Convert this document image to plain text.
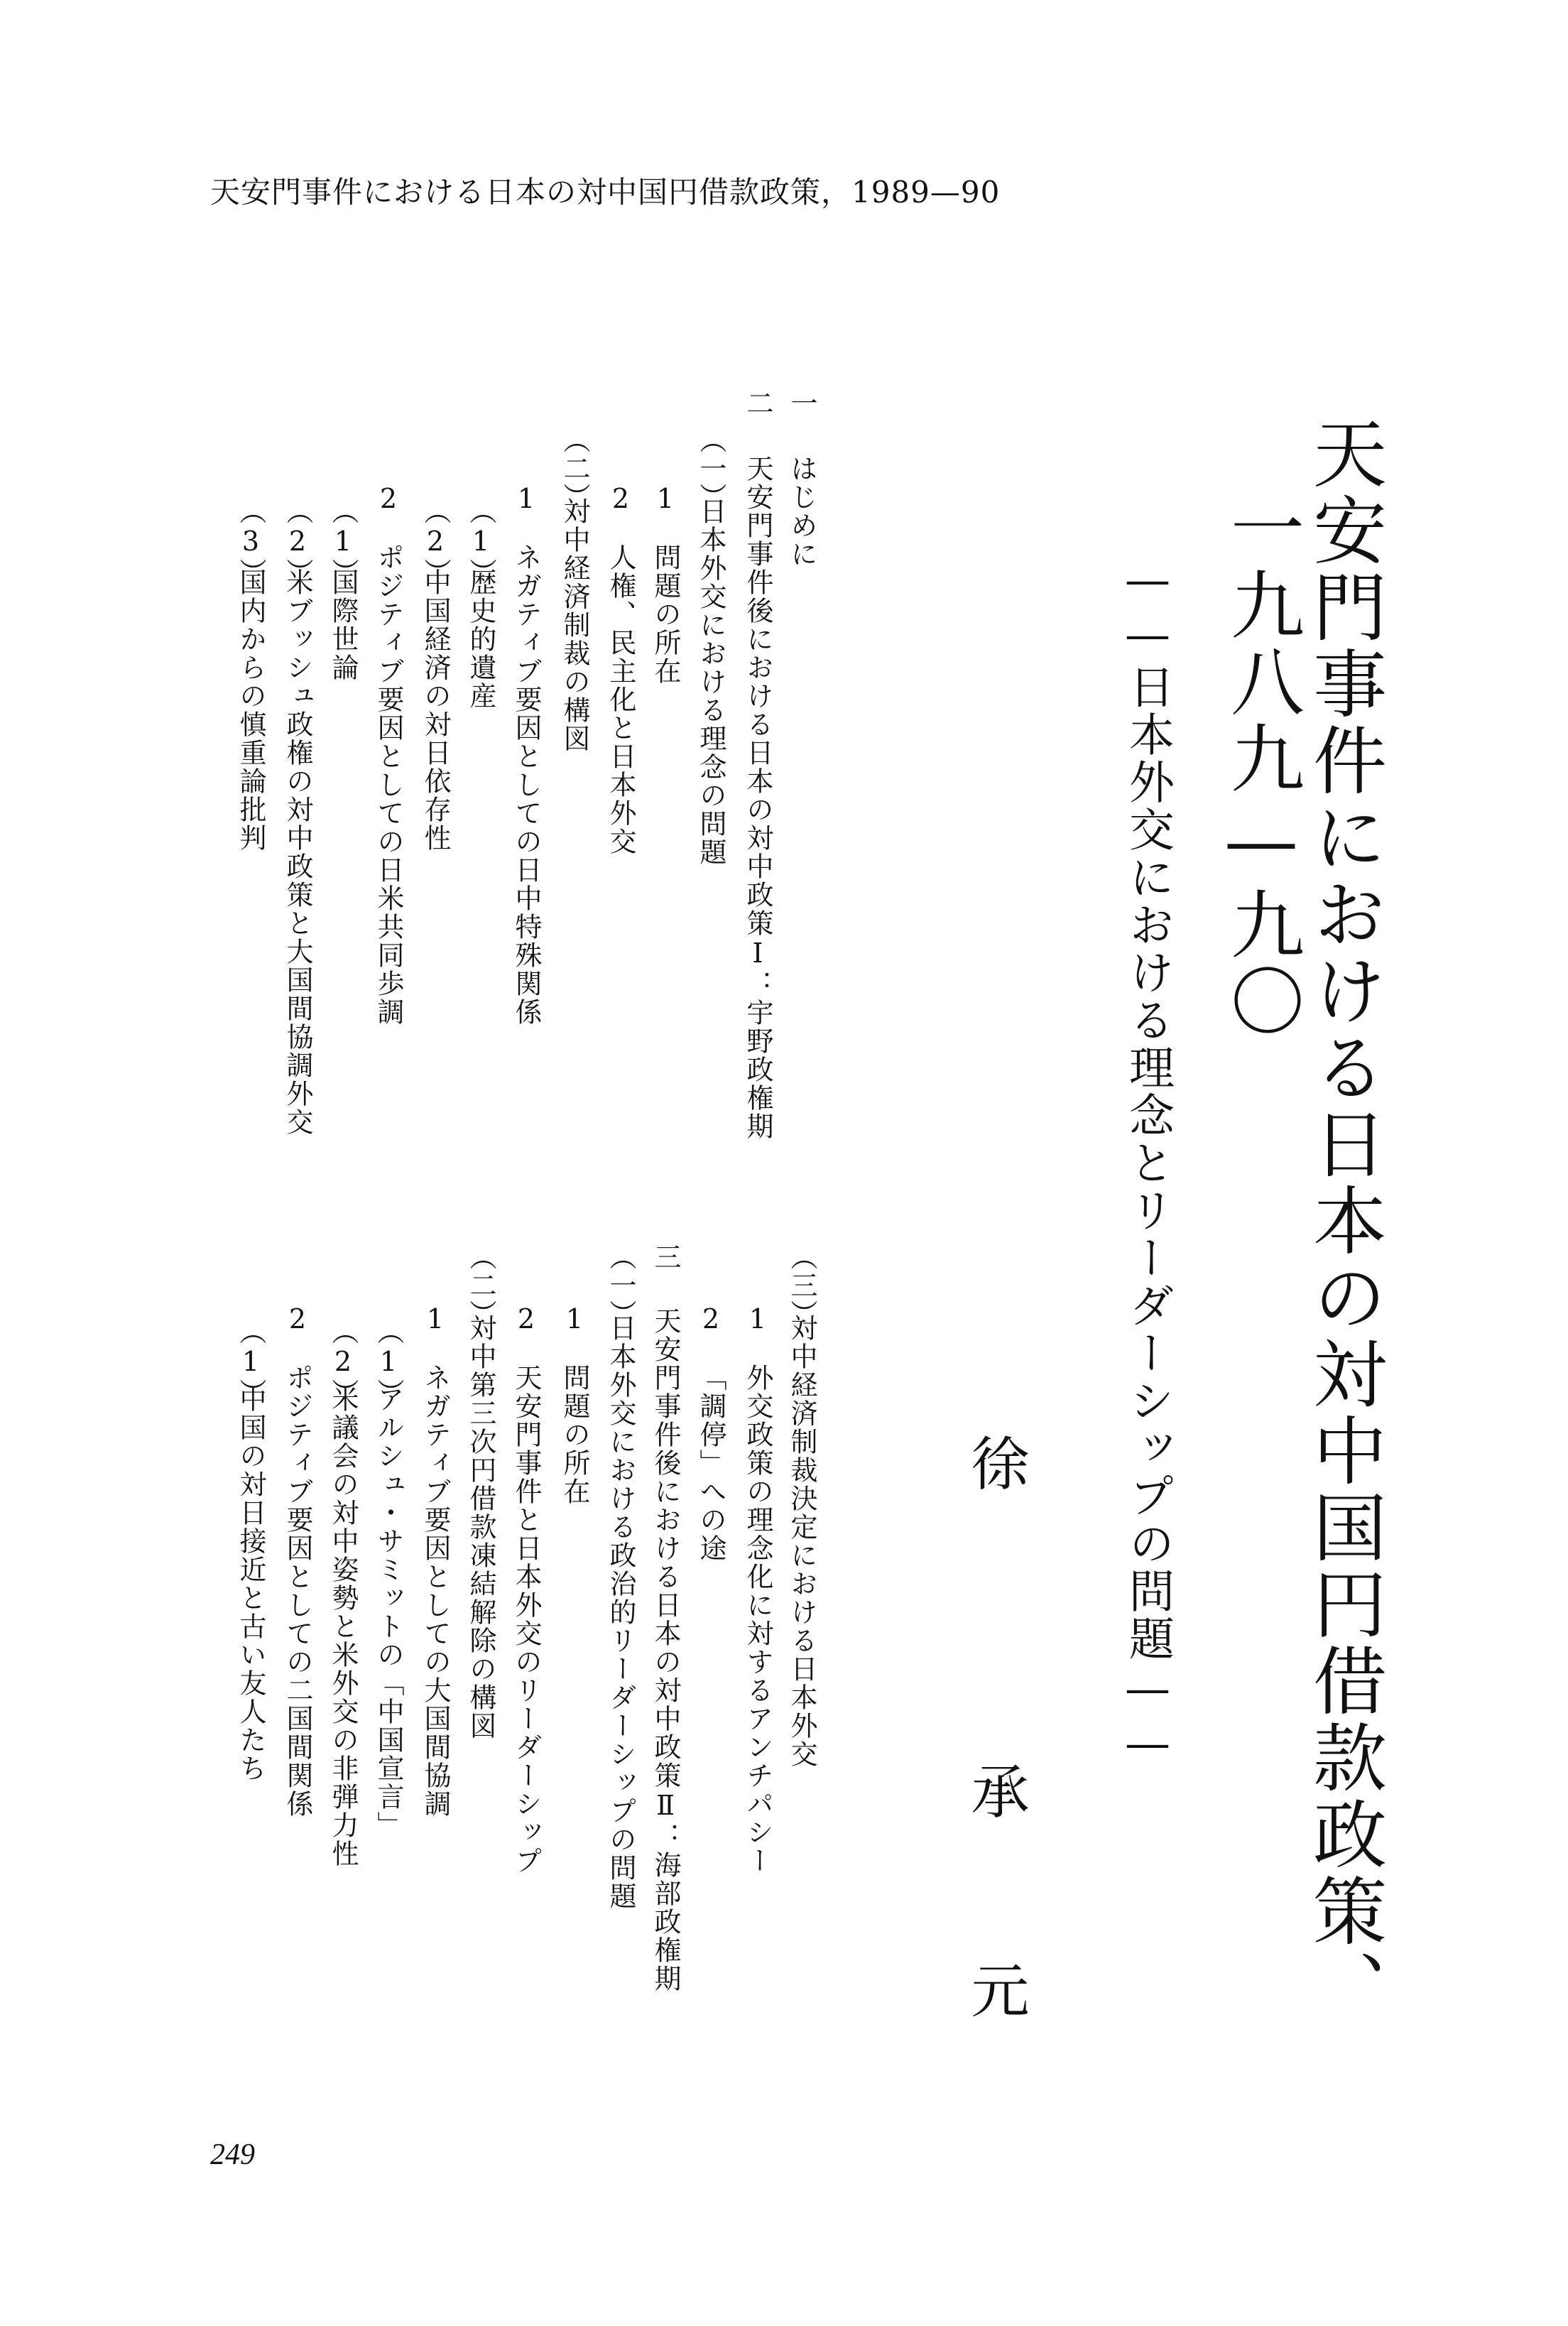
天安門事件における日本の対中国円借款政策，1989—90
天安門事件における日本の対中国円借款政策、
一九八九—九〇
——日本外交における理念とリーダーシップの問題——
徐
承
元
一
はじめに
二
天安門事件後における日本の対中政策Ⅰ：宇野政権期
（一）
日本外交における理念の問題
1
問題の所在
2
人権、民主化と日本外交
（二）
対中経済制裁の構図
1
ネガティブ要因としての日中特殊関係
（1）
歴史的遺産
（2）
中国経済の対日依存性
2
ポジティブ要因としての日米共同歩調
（1）
国際世論
（2）
米ブッシュ政権の対中政策と大国間協調外交
（3）
国内からの慎重論批判
（三）
対中経済制裁決定における日本外交
1
外交政策の理念化に対するアンチパシー
2
「調停」への途
三
天安門事件後における日本の対中政策Ⅱ：海部政権期
（一）
日本外交における政治的リーダーシップの問題
1
問題の所在
2
天安門事件と日本外交のリーダーシップ
（二）
対中第三次円借款凍結解除の構図
1
ネガティブ要因としての大国間協調
（1）
アルシュ・サミットの「中国宣言」
（2）
米議会の対中姿勢と米外交の非弾力性
2
ポジティブ要因としての二国間関係
（1）
中国の対日接近と古い友人たち
249
